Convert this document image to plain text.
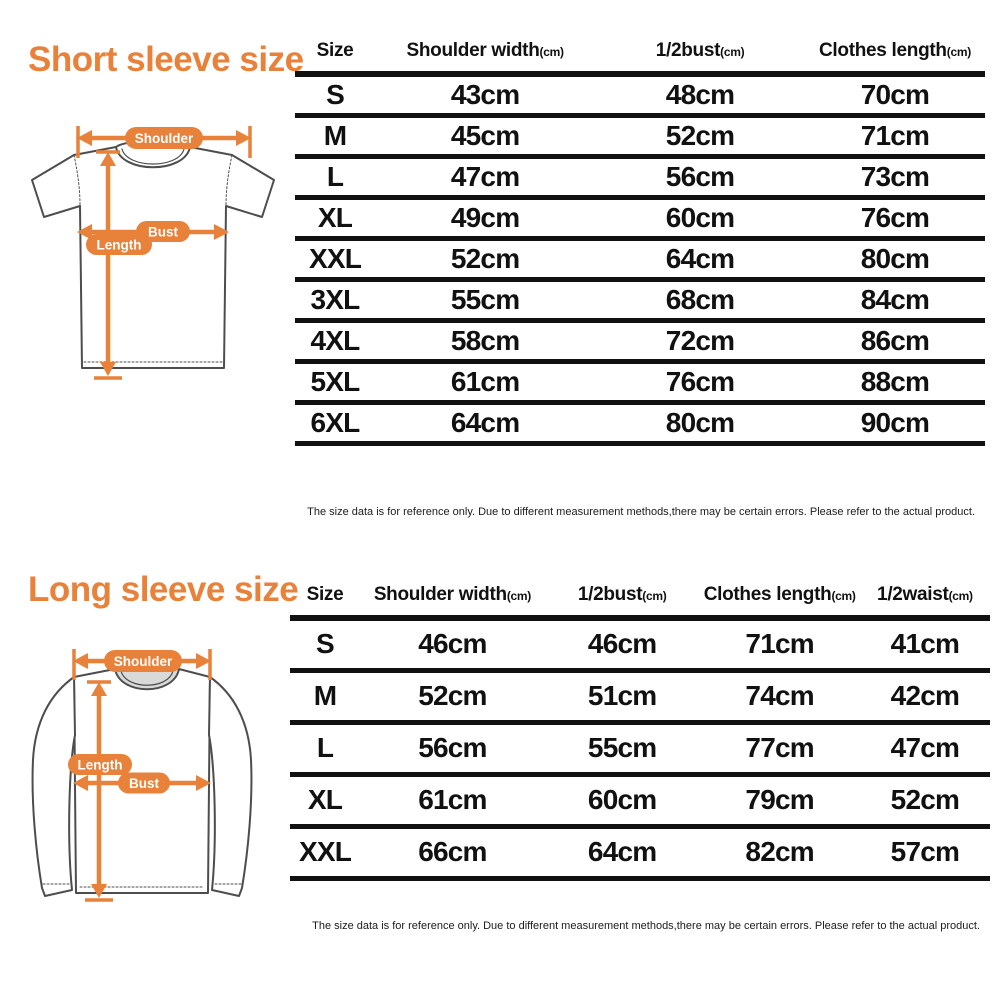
Short sleeve size
Shoulder
Bust
Length
Size	Shoulder width(cm)	1/2bust(cm)	Clothes length(cm)
S	43cm	48cm	70cm
M	45cm	52cm	71cm
L	47cm	56cm	73cm
XL	49cm	60cm	76cm
XXL	52cm	64cm	80cm
3XL	55cm	68cm	84cm
4XL	58cm	72cm	86cm
5XL	61cm	76cm	88cm
6XL	64cm	80cm	90cm
The size data is for reference only. Due to different measurement methods,there may be certain errors. Please refer to the actual product.
Long sleeve size
Shoulder
Length
Bust
Size	Shoulder width(cm)	1/2bust(cm)	Clothes length(cm)	1/2waist(cm)
S	46cm	46cm	71cm	41cm
M	52cm	51cm	74cm	42cm
L	56cm	55cm	77cm	47cm
XL	61cm	60cm	79cm	52cm
XXL	66cm	64cm	82cm	57cm
The size data is for reference only. Due to different measurement methods,there may be certain errors. Please refer to the actual product.
